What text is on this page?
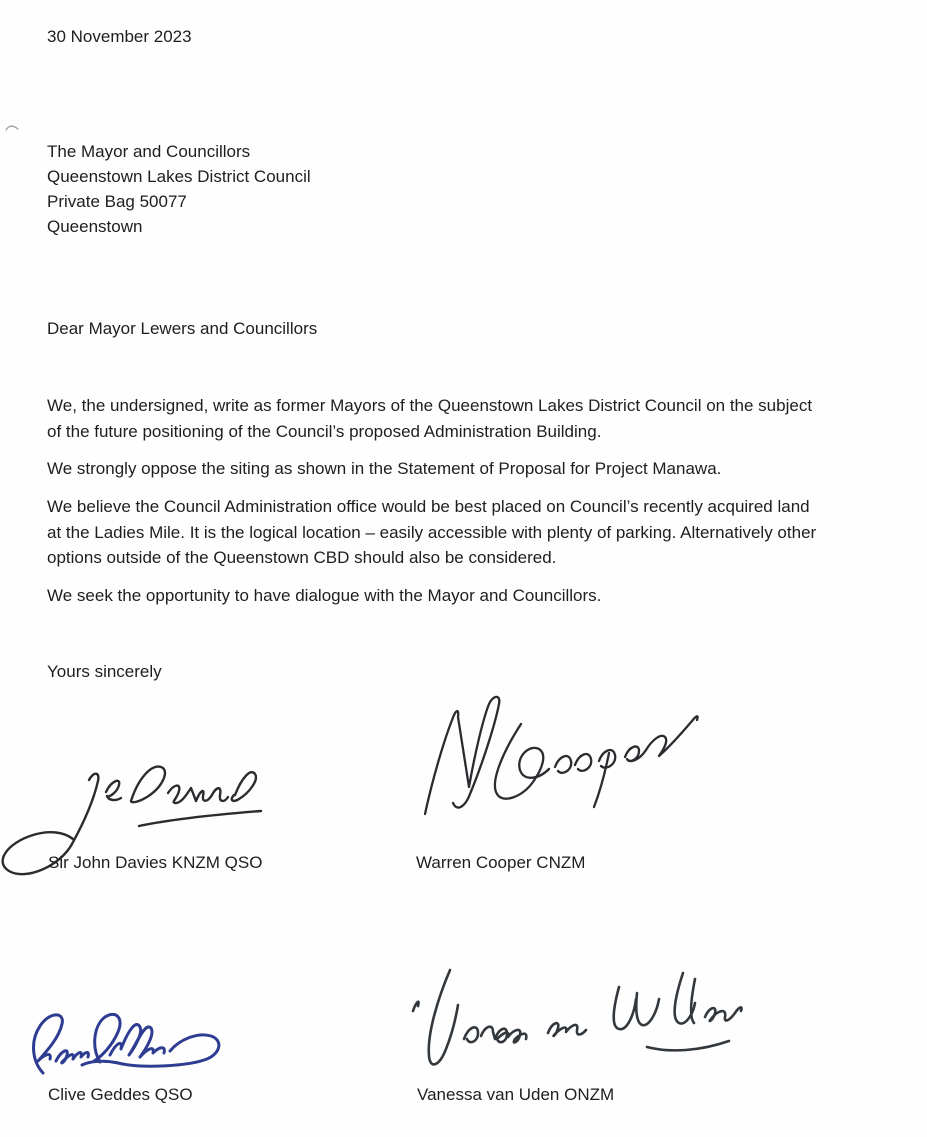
30 November 2023
The Mayor and Councillors
Queenstown Lakes District Council
Private Bag 50077
Queenstown
Dear Mayor Lewers and Councillors
We, the undersigned, write as former Mayors of the Queenstown Lakes District Council on the subject
of the future positioning of the Council’s proposed Administration Building.
We strongly oppose the siting as shown in the Statement of Proposal for Project Manawa.
We believe the Council Administration office would be best placed on Council’s recently acquired land
at the Ladies Mile. It is the logical location – easily accessible with plenty of parking. Alternatively other
options outside of the Queenstown CBD should also be considered.
We seek the opportunity to have dialogue with the Mayor and Councillors.
Yours sincerely
Sir John Davies KNZM QSO	Warren Cooper CNZM
Clive Geddes QSO	Vanessa van Uden ONZM
